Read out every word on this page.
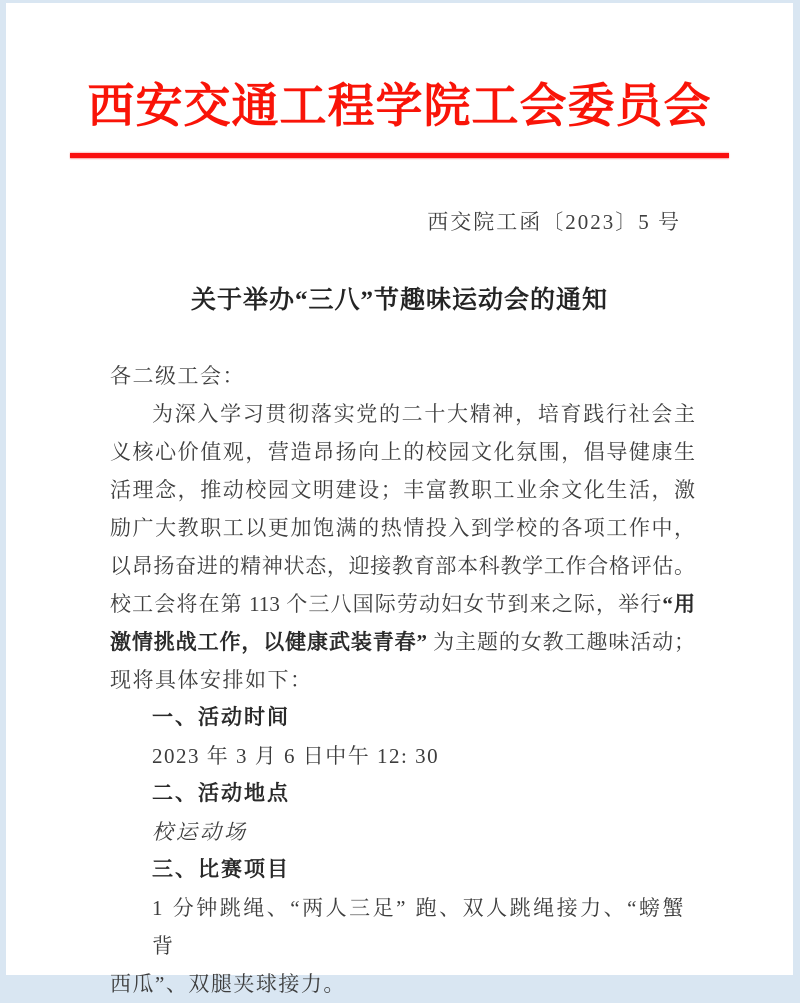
西安交通工程学院工会委员会
西交院工函〔2023〕5 号
关于举办“三八”节趣味运动会的通知
各二级工会：
为深入学习贯彻落实党的二十大精神，培育践行社会主
义核心价值观，营造昂扬向上的校园文化氛围，倡导健康生
活理念，推动校园文明建设；丰富教职工业余文化生活，激
励广大教职工以更加饱满的热情投入到学校的各项工作中，
以昂扬奋进的精神状态，迎接教育部本科教学工作合格评估。
校工会将在第 113 个三八国际劳动妇女节到来之际，举行“用
激情挑战工作，以健康武装青春” 为主题的女教工趣味活动；
现将具体安排如下：
一、活动时间
2023 年 3 月 6 日中午 12: 30
二、活动地点
校运动场
三、比赛项目
1 分钟跳绳、“两人三足” 跑、双人跳绳接力、“螃蟹背
西瓜”、双腿夹球接力。
